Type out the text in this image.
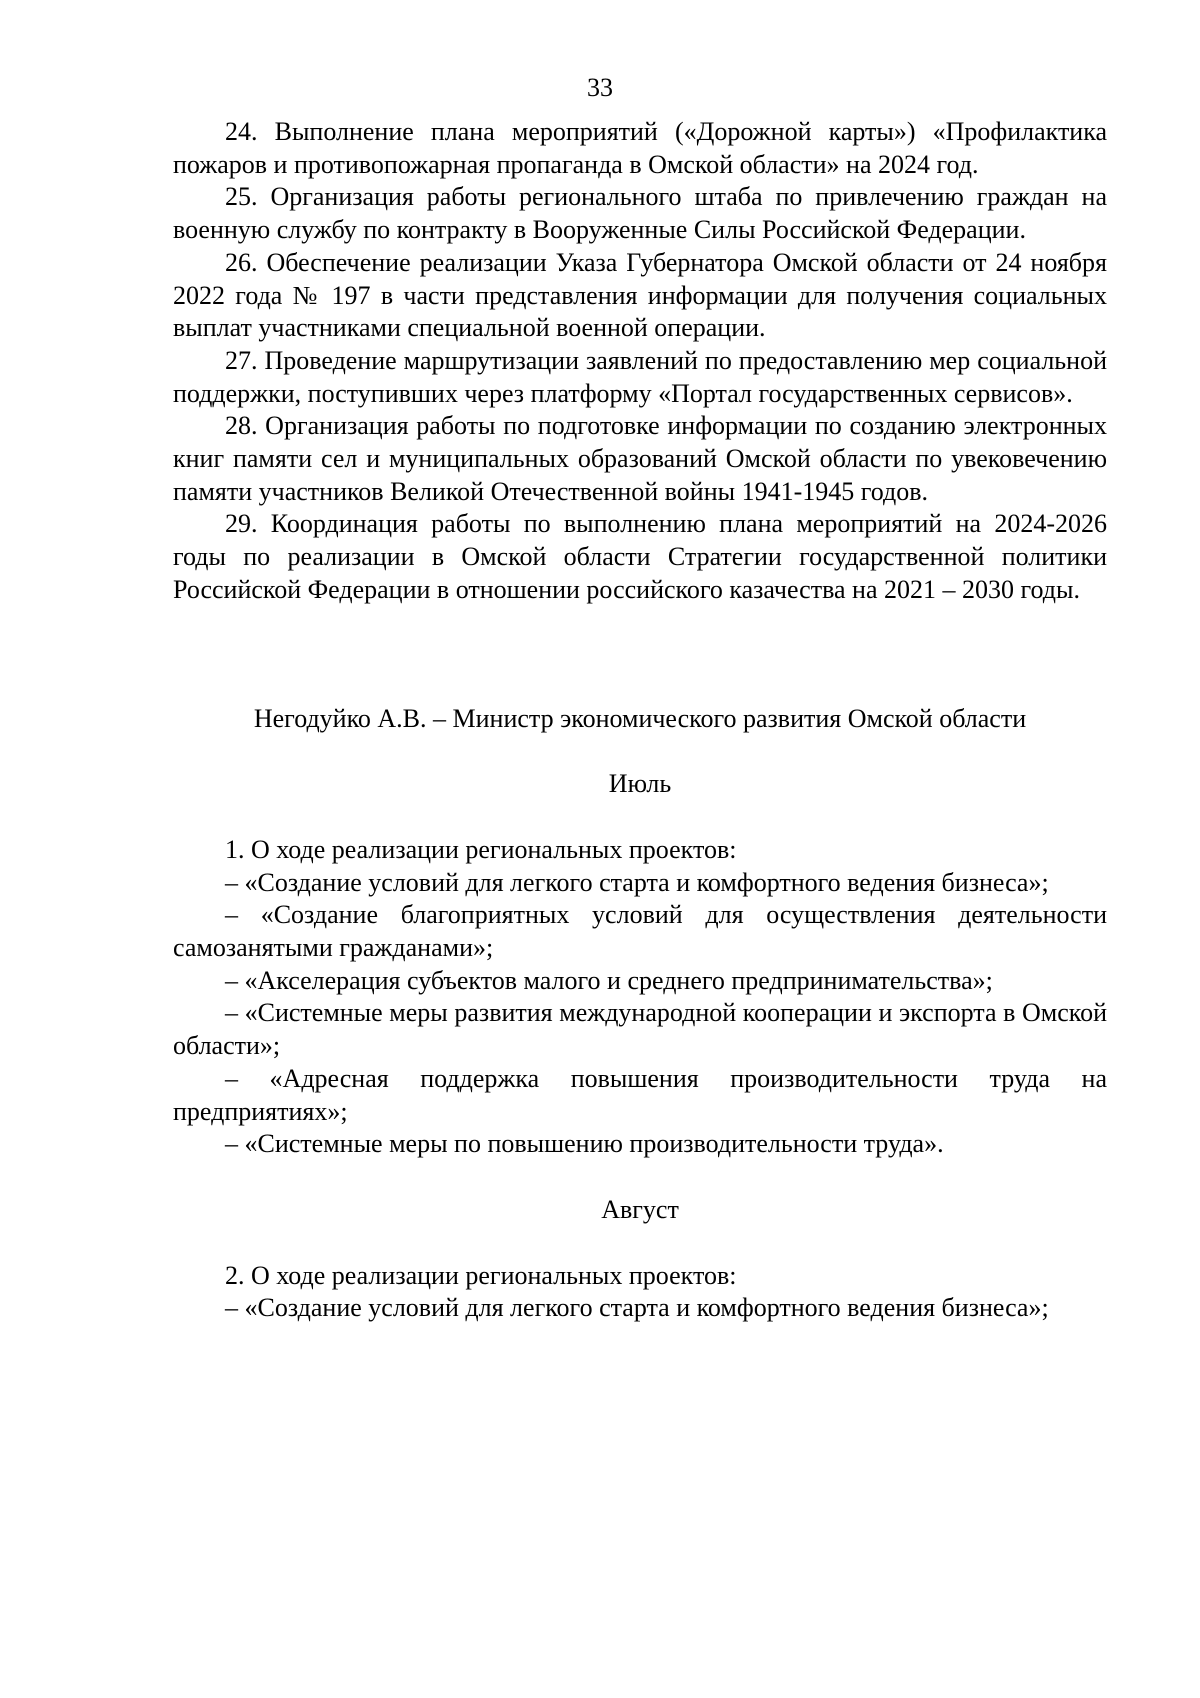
33

24. Выполнение плана мероприятий («Дорожной карты») «Профилактика пожаров и противопожарная пропаганда в Омской области» на 2024 год.

25. Организация работы регионального штаба по привлечению граждан на военную службу по контракту в Вооруженные Силы Российской Федерации.

26. Обеспечение реализации Указа Губернатора Омской области от 24 ноября 2022 года № 197 в части представления информации для получения социальных выплат участниками специальной военной операции.

27. Проведение маршрутизации заявлений по предоставлению мер социальной поддержки, поступивших через платформу «Портал государственных сервисов».

28. Организация работы по подготовке информации по созданию электронных книг памяти сел и муниципальных образований Омской области по увековечению памяти участников Великой Отечественной войны 1941-1945 годов.

29. Координация работы по выполнению плана мероприятий на 2024-2026 годы по реализации в Омской области Стратегии государственной политики Российской Федерации в отношении российского казачества на 2021 – 2030 годы.

Негодуйко А.В. – Министр экономического развития Омской области

Июль

1. О ходе реализации региональных проектов:

– «Создание условий для легкого старта и комфортного ведения бизнеса»;

– «Создание благоприятных условий для осуществления деятельности самозанятыми гражданами»;

– «Акселерация субъектов малого и среднего предпринимательства»;

– «Системные меры развития международной кооперации и экспорта в Омской области»;

– «Адресная поддержка повышения производительности труда на предприятиях»;

– «Системные меры по повышению производительности труда».

Август

2. О ходе реализации региональных проектов:

– «Создание условий для легкого старта и комфортного ведения бизнеса»;
